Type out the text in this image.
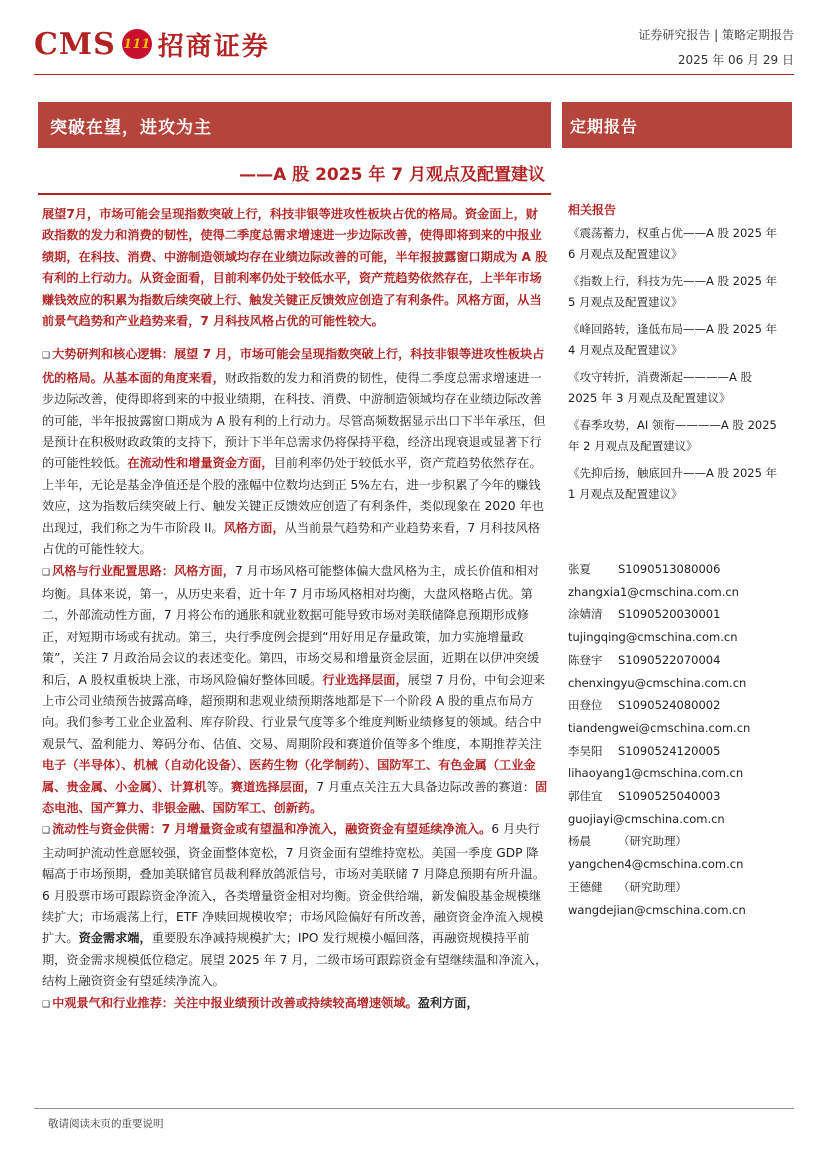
CMS 111 招商证券	证券研究报告 | 策略定期报告
2025 年 06 月 29 日
突破在望，进攻为主
——A 股 2025 年 7 月观点及配置建议
定期报告
展望7月，市场可能会呈现指数突破上行，科技非银等进攻性板块占优的格局。资金面上，财政指数的发力和消费的韧性，使得二季度总需求增速进一步边际改善，使得即将到来的中报业绩期，在科技、消费、中游制造领域均存在业绩边际改善的可能，半年报披露窗口期成为 A 股有利的上行动力。从资金面看，目前利率仍处于较低水平，资产荒趋势依然存在，上半年市场赚钱效应的积累为指数后续突破上行、触发关键正反馈效应创造了有利条件。风格方面，从当前景气趋势和产业趋势来看，7 月科技风格占优的可能性较大。
❑ 大势研判和核心逻辑：展望 7 月，市场可能会呈现指数突破上行，科技非银等进攻性板块占优的格局。从基本面的角度来看，财政指数的发力和消费的韧性，使得二季度总需求增速进一步边际改善，使得即将到来的中报业绩期，在科技、消费、中游制造领域均存在业绩边际改善的可能，半年报披露窗口期成为 A 股有利的上行动力。尽管高频数据显示出口下半年承压，但是预计在积极财政政策的支持下，预计下半年总需求仍将保持平稳，经济出现衰退或显著下行的可能性较低。在流动性和增量资金方面，目前利率仍处于较低水平，资产荒趋势依然存在。上半年，无论是基金净值还是个股的涨幅中位数均达到正 5%左右，进一步积累了今年的赚钱效应，这为指数后续突破上行、触发关键正反馈效应创造了有利条件，类似现象在 2020 年也出现过，我们称之为牛市阶段 II。风格方面，从当前景气趋势和产业趋势来看，7 月科技风格占优的可能性较大。
❑ 风格与行业配置思路：风格方面，7 月市场风格可能整体偏大盘风格为主，成长价值和相对均衡。具体来说，第一，从历史来看，近十年 7 月市场风格相对均衡，大盘风格略占优。第二，外部流动性方面，7 月将公布的通胀和就业数据可能导致市场对美联储降息预期形成修正，对短期市场或有扰动。第三，央行季度例会提到“用好用足存量政策，加力实施增量政策”，关注 7 月政治局会议的表述变化。第四，市场交易和增量资金层面，近期在以伊冲突缓和后，A 股权重板块上涨，市场风险偏好整体回暖。行业选择层面，展望 7 月份，中旬会迎来上市公司业绩预告披露高峰，超预期和悲观业绩预期落地都是下一个阶段 A 股的重点布局方向。我们参考工业企业盈利、库存阶段、行业景气度等多个维度判断业绩修复的领域。结合中观景气、盈利能力、筹码分布、估值、交易、周期阶段和赛道价值等多个维度，本期推荐关注电子（半导体）、机械（自动化设备）、医药生物（化学制药）、国防军工、有色金属（工业金属、贵金属、小金属）、计算机等。赛道选择层面，7 月重点关注五大具备边际改善的赛道：固态电池、国产算力、非银金融、国防军工、创新药。
❑ 流动性与资金供需：7 月增量资金或有望温和净流入，融资资金有望延续净流入。6 月央行主动呵护流动性意愿较强，资金面整体宽松，7 月资金面有望维持宽松。美国一季度 GDP 降幅高于市场预期，叠加美联储官员裁利释放鸽派信号，市场对美联储 7 月降息预期有所升温。6 月股票市场可跟踪资金净流入，各类增量资金相对均衡。资金供给端，新发偏股基金规模继续扩大；市场震荡上行，ETF 净赎回规模收窄；市场风险偏好有所改善，融资资金净流入规模扩大。资金需求端，重要股东净减持规模扩大；IPO 发行规模小幅回落，再融资规模持平前期，资金需求规模低位稳定。展望 2025 年 7 月，二级市场可跟踪资金有望继续温和净流入，结构上融资资金有望延续净流入。
❑ 中观景气和行业推荐：关注中报业绩预计改善或持续较高增速领域。盈利方面，
相关报告
《震荡蓄力，权重占优——A 股 2025 年 6 月观点及配置建议》
《指数上行，科技为先——A 股 2025 年 5 月观点及配置建议》
《峰回路转，逢低布局——A 股 2025 年 4 月观点及配置建议》
《攻守转折，消费渐起————A 股 2025 年 3 月观点及配置建议》
《春季攻势，AI 领衔————A 股 2025 年 2 月观点及配置建议》
《先抑后扬，触底回升——A 股 2025 年 1 月观点及配置建议》
张夏 S1090513080006
zhangxia1@cmschina.com.cn
涂婧清 S1090520030001
tujingqing@cmschina.com.cn
陈登宇 S1090522070004
chenxingyu@cmschina.com.cn
田登位 S1090524080002
tiandengwei@cmschina.com.cn
李昊阳 S1090524120005
lihaoyang1@cmschina.com.cn
郭佳宜 S1090525040003
guojiayi@cmschina.com.cn
杨晨 （研究助理）
yangchen4@cmschina.com.cn
王德健 （研究助理）
wangdejian@cmschina.com.cn
敬请阅读末页的重要说明
